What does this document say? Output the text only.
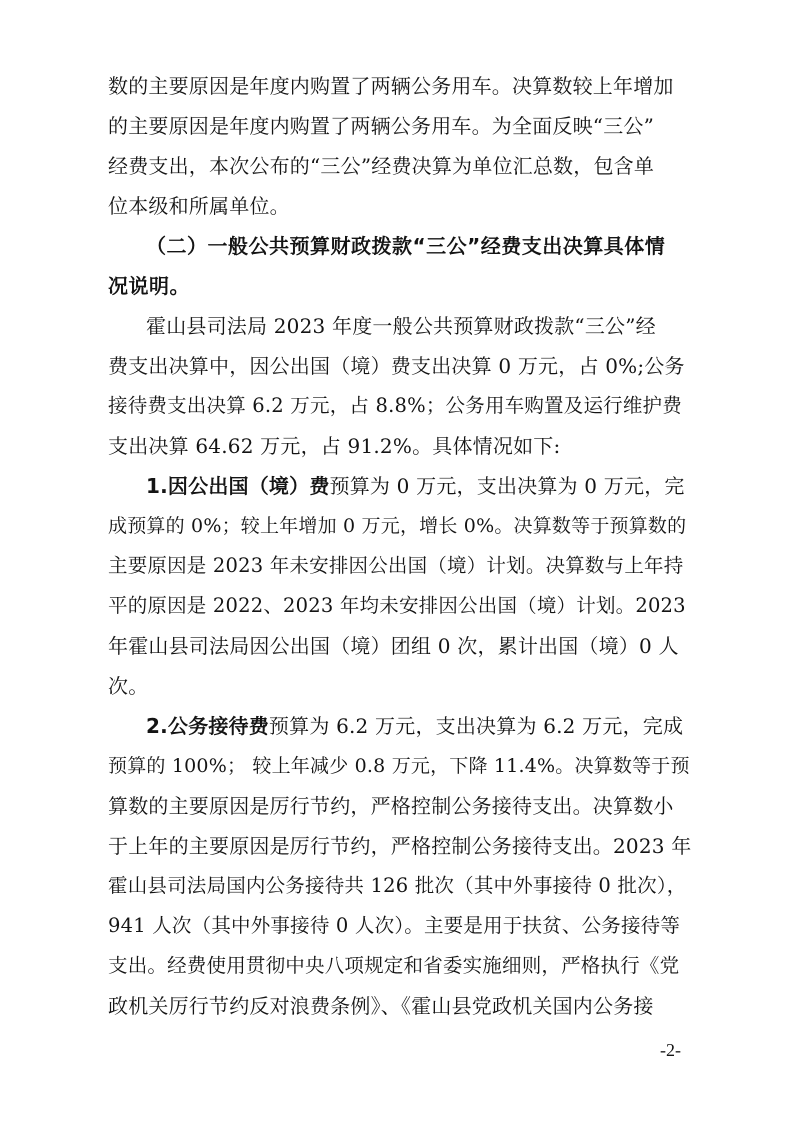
数的主要原因是年度内购置了两辆公务用车。决算数较上年增加
的主要原因是年度内购置了两辆公务用车。为全面反映“三公”
经费支出，本次公布的“三公”经费决算为单位汇总数，包含单
位本级和所属单位。
（二）一般公共预算财政拨款“三公”经费支出决算具体情
况说明。
霍山县司法局 2023 年度一般公共预算财政拨款“三公”经
费支出决算中，因公出国（境）费支出决算 0 万元，占 0%;公务
接待费支出决算 6.2 万元，占 8.8%；公务用车购置及运行维护费
支出决算 64.62 万元，占 91.2%。具体情况如下:
1.因公出国（境）费预算为 0 万元，支出决算为 0 万元，完
成预算的 0%；较上年增加 0 万元，增长 0%。决算数等于预算数的
主要原因是 2023 年未安排因公出国（境）计划。决算数与上年持
平的原因是 2022、2023 年均未安排因公出国（境）计划。2023
年霍山县司法局因公出国（境）团组 0 次，累计出国（境）0 人
次。
2.公务接待费预算为 6.2 万元，支出决算为 6.2 万元，完成
预算的 100%； 较上年减少 0.8 万元，下降 11.4%。决算数等于预
算数的主要原因是厉行节约，严格控制公务接待支出。决算数小
于上年的主要原因是厉行节约，严格控制公务接待支出。2023 年
霍山县司法局国内公务接待共 126 批次（其中外事接待 0 批次），
941 人次（其中外事接待 0 人次）。主要是用于扶贫、公务接待等
支出。经费使用贯彻中央八项规定和省委实施细则，严格执行《党
政机关厉行节约反对浪费条例》、《霍山县党政机关国内公务接
-2-
